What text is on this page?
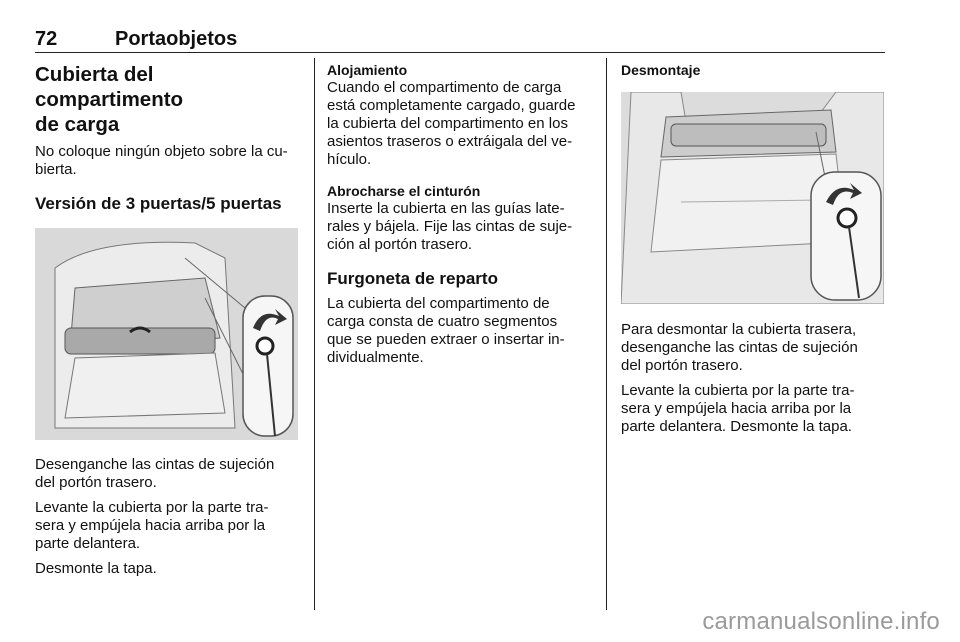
72	Portaobjetos
Cubierta del compartimento
de carga
No coloque ningún objeto sobre la cu-
bierta.
Versión de 3 puertas/5 puertas
Desenganche las cintas de sujeción
del portón trasero.
Levante la cubierta por la parte tra-
sera y empújela hacia arriba por la
parte delantera.
Desmonte la tapa.
Alojamiento
Cuando el compartimento de carga
está completamente cargado, guarde
la cubierta del compartimento en los
asientos traseros o extráigala del ve-
hículo.
Abrocharse el cinturón
Inserte la cubierta en las guías late-
rales y bájela. Fije las cintas de suje-
ción al portón trasero.
Furgoneta de reparto
La cubierta del compartimento de
carga consta de cuatro segmentos
que se pueden extraer o insertar in-
dividualmente.
Desmontaje
Para desmontar la cubierta trasera,
desenganche las cintas de sujeción
del portón trasero.
Levante la cubierta por la parte tra-
sera y empújela hacia arriba por la
parte delantera. Desmonte la tapa.
carmanualsonline.info
